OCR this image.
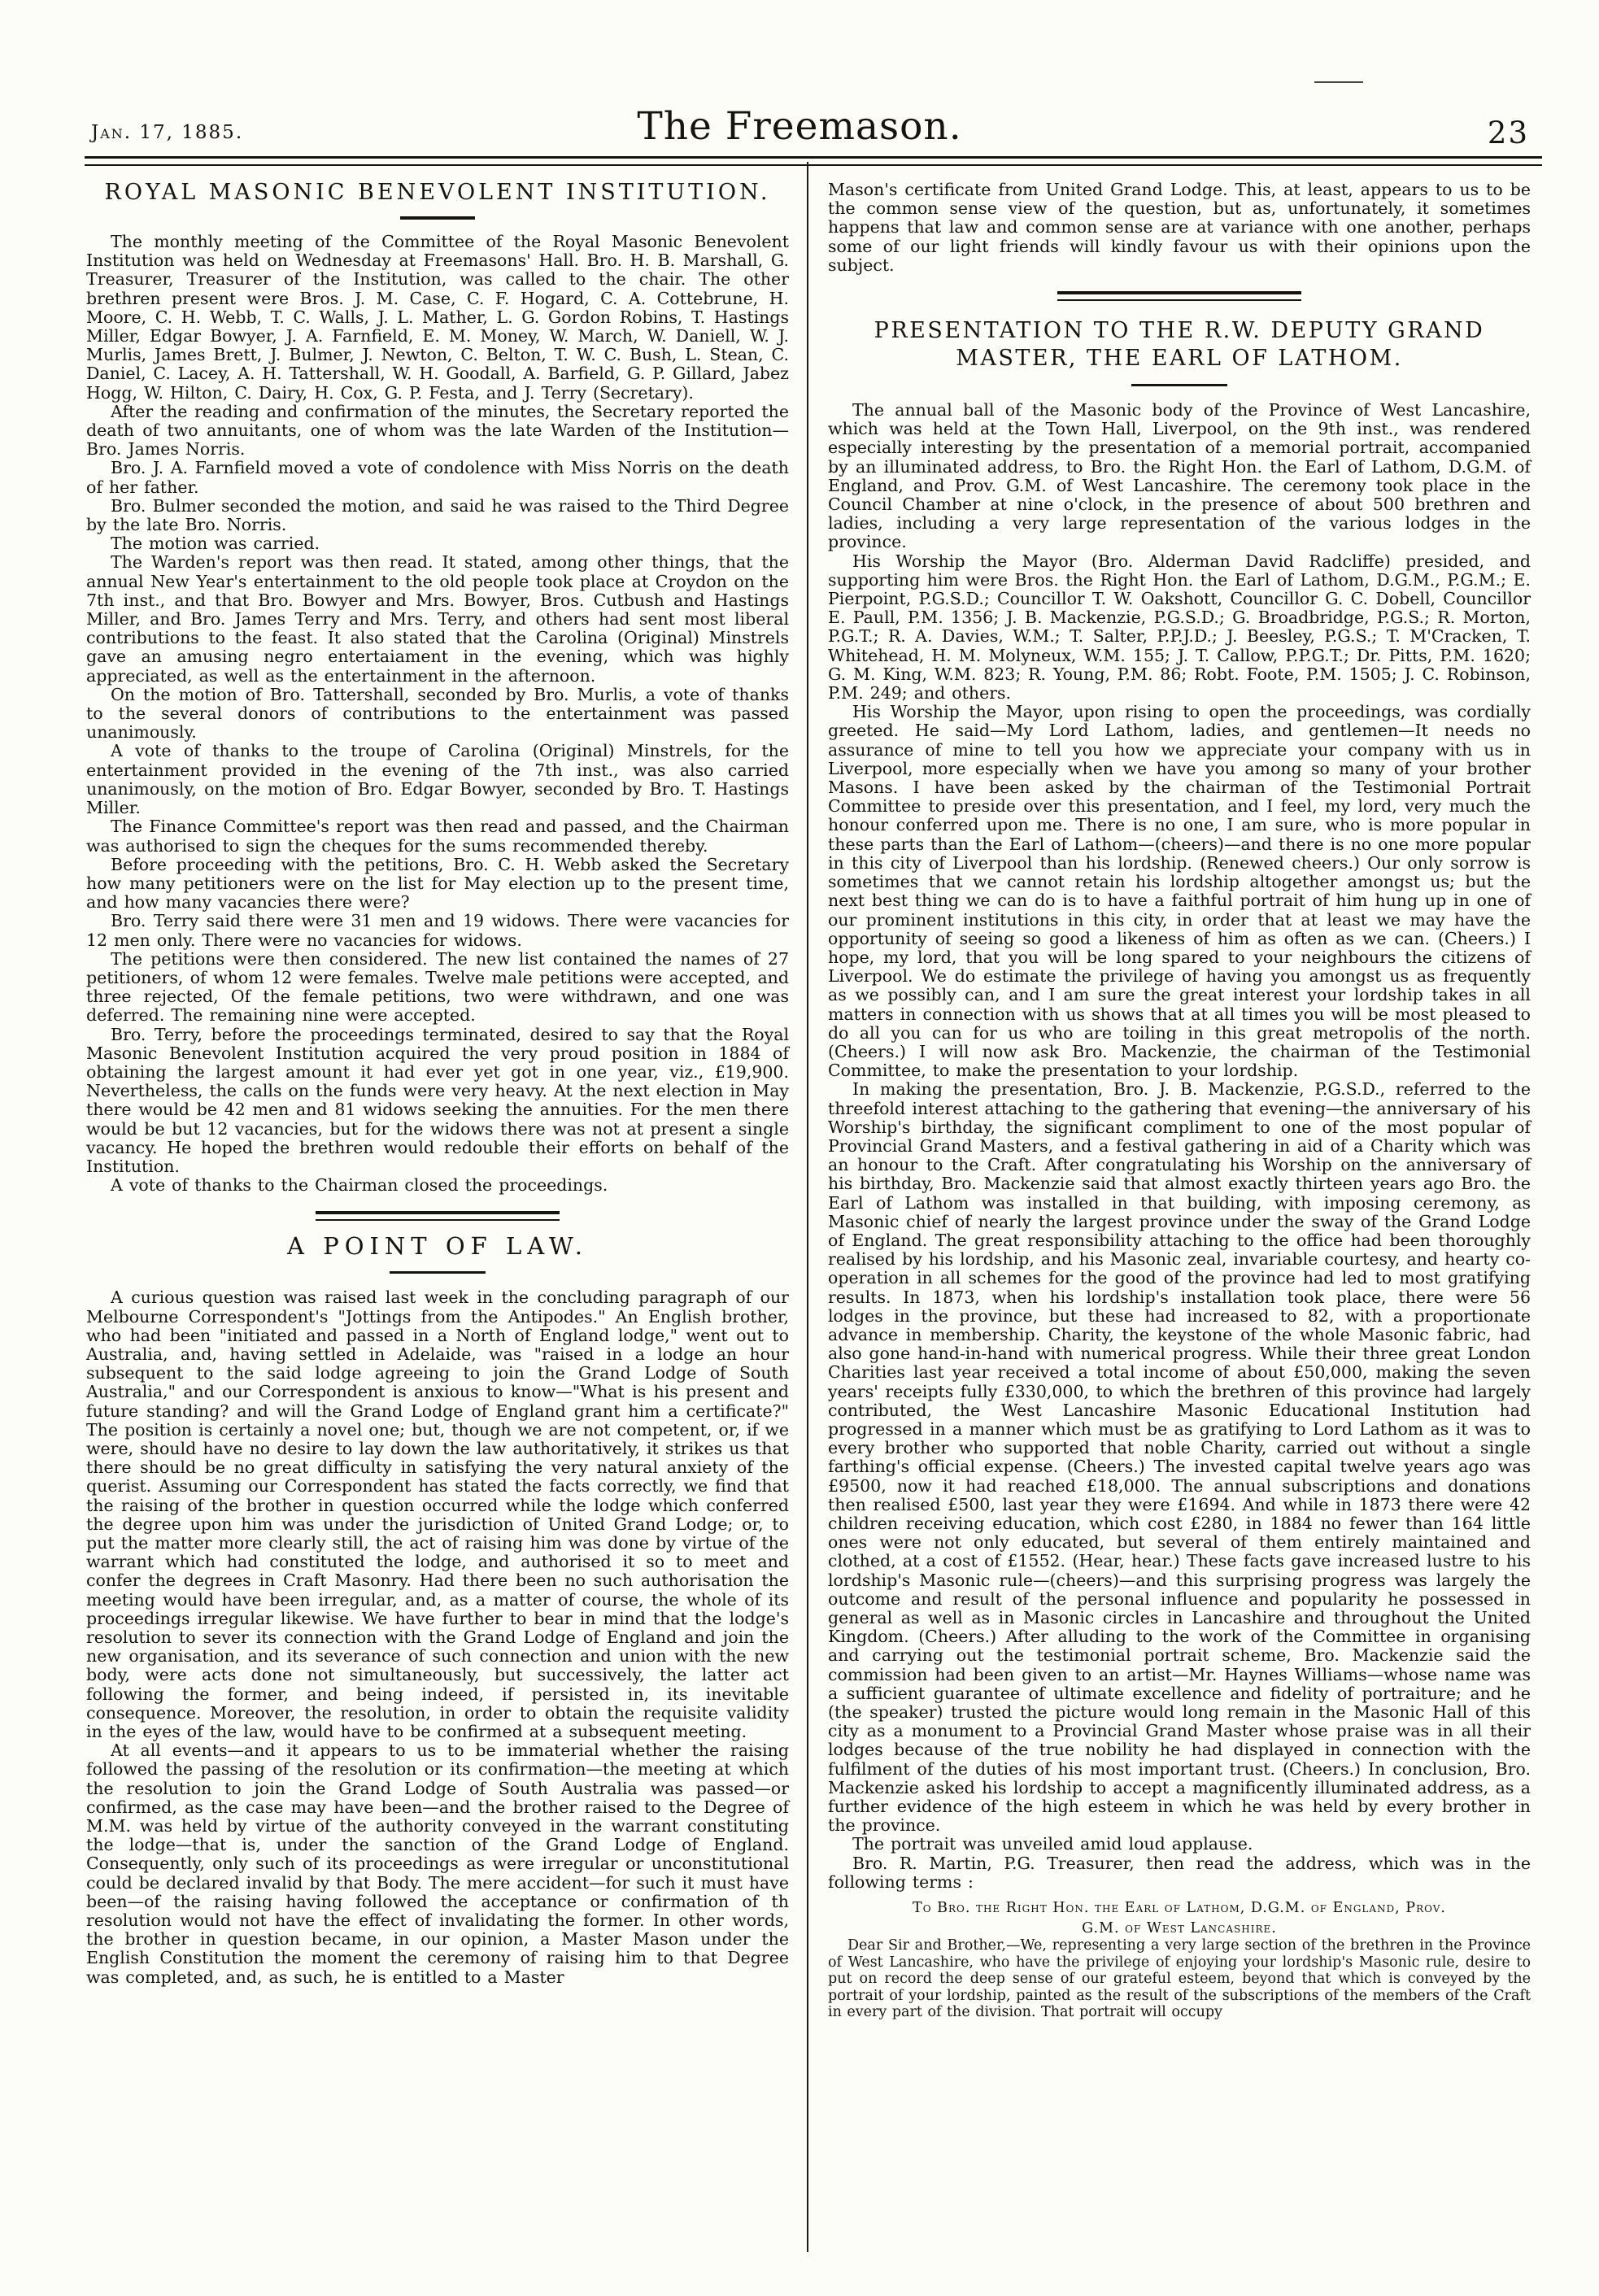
Jan. 17, 1885.	The Freemason.	23
ROYAL MASONIC BENEVOLENT INSTITUTION.

The monthly meeting of the Committee of the Royal Masonic Benevolent Institution was held on Wednesday at Freemasons' Hall. Bro. H. B. Marshall, G. Treasurer, Treasurer of the Institution, was called to the chair. The other brethren present were Bros. J. M. Case, C. F. Hogard, C. A. Cottebrune, H. Moore, C. H. Webb, T. C. Walls, J. L. Mather, L. G. Gordon Robins, T. Hastings Miller, Edgar Bowyer, J. A. Farnfield, E. M. Money, W. March, W. Daniell, W. J. Murlis, James Brett, J. Bulmer, J. Newton, C. Belton, T. W. C. Bush, L. Stean, C. Daniel, C. Lacey, A. H. Tattershall, W. H. Goodall, A. Barfield, G. P. Gillard, Jabez Hogg, W. Hilton, C. Dairy, H. Cox, G. P. Festa, and J. Terry (Secretary).

After the reading and confirmation of the minutes, the Secretary reported the death of two annuitants, one of whom was the late Warden of the Institution—Bro. James Norris.

Bro. J. A. Farnfield moved a vote of condolence with Miss Norris on the death of her father.

Bro. Bulmer seconded the motion, and said he was raised to the Third Degree by the late Bro. Norris.

The motion was carried.

The Warden's report was then read. It stated, among other things, that the annual New Year's entertainment to the old people took place at Croydon on the 7th inst., and that Bro. Bowyer and Mrs. Bowyer, Bros. Cutbush and Hastings Miller, and Bro. James Terry and Mrs. Terry, and others had sent most liberal contributions to the feast. It also stated that the Carolina (Original) Minstrels gave an amusing negro entertaiament in the evening, which was highly appreciated, as well as the entertainment in the afternoon.

On the motion of Bro. Tattershall, seconded by Bro. Murlis, a vote of thanks to the several donors of contributions to the entertainment was passed unanimously.

A vote of thanks to the troupe of Carolina (Original) Minstrels, for the entertainment provided in the evening of the 7th inst., was also carried unanimously, on the motion of Bro. Edgar Bowyer, seconded by Bro. T. Hastings Miller.

The Finance Committee's report was then read and passed, and the Chairman was authorised to sign the cheques for the sums recommended thereby.

Before proceeding with the petitions, Bro. C. H. Webb asked the Secretary how many petitioners were on the list for May election up to the present time, and how many vacancies there were?

Bro. Terry said there were 31 men and 19 widows. There were vacancies for 12 men only. There were no vacancies for widows.

The petitions were then considered. The new list contained the names of 27 petitioners, of whom 12 were females. Twelve male petitions were accepted, and three rejected, Of the female petitions, two were withdrawn, and one was deferred. The remaining nine were accepted.

Bro. Terry, before the proceedings terminated, desired to say that the Royal Masonic Benevolent Institution acquired the very proud position in 1884 of obtaining the largest amount it had ever yet got in one year, viz., £19,900. Nevertheless, the calls on the funds were very heavy. At the next election in May there would be 42 men and 81 widows seeking the annuities. For the men there would be but 12 vacancies, but for the widows there was not at present a single vacancy. He hoped the brethren would redouble their efforts on behalf of the Institution.

A vote of thanks to the Chairman closed the proceedings.

A POINT OF LAW.

A curious question was raised last week in the concluding paragraph of our Melbourne Correspondent's "Jottings from the Antipodes." An English brother, who had been "initiated and passed in a North of England lodge," went out to Australia, and, having settled in Adelaide, was "raised in a lodge an hour subsequent to the said lodge agreeing to join the Grand Lodge of South Australia," and our Correspondent is anxious to know—"What is his present and future standing? and will the Grand Lodge of England grant him a certificate?" The position is certainly a novel one; but, though we are not competent, or, if we were, should have no desire to lay down the law authoritatively, it strikes us that there should be no great difficulty in satisfying the very natural anxiety of the querist. Assuming our Correspondent has stated the facts correctly, we find that the raising of the brother in question occurred while the lodge which conferred the degree upon him was under the jurisdiction of United Grand Lodge; or, to put the matter more clearly still, the act of raising him was done by virtue of the warrant which had constituted the lodge, and authorised it so to meet and confer the degrees in Craft Masonry. Had there been no such authorisation the meeting would have been irregular, and, as a matter of course, the whole of its proceedings irregular likewise. We have further to bear in mind that the lodge's resolution to sever its connection with the Grand Lodge of England and join the new organisation, and its severance of such connection and union with the new body, were acts done not simultaneously, but successively, the latter act following the former, and being indeed, if persisted in, its inevitable consequence. Moreover, the resolution, in order to obtain the requisite validity in the eyes of the law, would have to be confirmed at a subsequent meeting.

At all events—and it appears to us to be immaterial whether the raising followed the passing of the resolution or its confirmation—the meeting at which the resolution to join the Grand Lodge of South Australia was passed—or confirmed, as the case may have been—and the brother raised to the Degree of M.M. was held by virtue of the authority conveyed in the warrant constituting the lodge—that is, under the sanction of the Grand Lodge of England. Consequently, only such of its proceedings as were irregular or unconstitutional could be declared invalid by that Body. The mere accident—for such it must have been—of the raising having followed the acceptance or confirmation of th resolution would not have the effect of invalidating the former. In other words, the brother in question became, in our opinion, a Master Mason under the English Constitution the moment the ceremony of raising him to that Degree was completed, and, as such, he is entitled to a Master

Mason's certificate from United Grand Lodge. This, at least, appears to us to be the common sense view of the question, but as, unfortunately, it sometimes happens that law and common sense are at variance with one another, perhaps some of our light friends will kindly favour us with their opinions upon the subject.

PRESENTATION TO THE R.W. DEPUTY GRAND
MASTER, THE EARL OF LATHOM.

The annual ball of the Masonic body of the Province of West Lancashire, which was held at the Town Hall, Liverpool, on the 9th inst., was rendered especially interesting by the presentation of a memorial portrait, accompanied by an illuminated address, to Bro. the Right Hon. the Earl of Lathom, D.G.M. of England, and Prov. G.M. of West Lancashire. The ceremony took place in the Council Chamber at nine o'clock, in the presence of about 500 brethren and ladies, including a very large representation of the various lodges in the province.

His Worship the Mayor (Bro. Alderman David Radcliffe) presided, and supporting him were Bros. the Right Hon. the Earl of Lathom, D.G.M., P.G.M.; E. Pierpoint, P.G.S.D.; Councillor T. W. Oakshott, Councillor G. C. Dobell, Councillor E. Paull, P.M. 1356; J. B. Mackenzie, P.G.S.D.; G. Broadbridge, P.G.S.; R. Morton, P.G.T.; R. A. Davies, W.M.; T. Salter, P.P.J.D.; J. Beesley, P.G.S.; T. M'Cracken, T. Whitehead, H. M. Molyneux, W.M. 155; J. T. Callow, P.P.G.T.; Dr. Pitts, P.M. 1620; G. M. King, W.M. 823; R. Young, P.M. 86; Robt. Foote, P.M. 1505; J. C. Robinson, P.M. 249; and others.

His Worship the Mayor, upon rising to open the proceedings, was cordially greeted. He said—My Lord Lathom, ladies, and gentlemen—It needs no assurance of mine to tell you how we appreciate your company with us in Liverpool, more especially when we have you among so many of your brother Masons. I have been asked by the chairman of the Testimonial Portrait Committee to preside over this presentation, and I feel, my lord, very much the honour conferred upon me. There is no one, I am sure, who is more popular in these parts than the Earl of Lathom—(cheers)—and there is no one more popular in this city of Liverpool than his lordship. (Renewed cheers.) Our only sorrow is sometimes that we cannot retain his lordship altogether amongst us; but the next best thing we can do is to have a faithful portrait of him hung up in one of our prominent institutions in this city, in order that at least we may have the opportunity of seeing so good a likeness of him as often as we can. (Cheers.) I hope, my lord, that you will be long spared to your neighbours the citizens of Liverpool. We do estimate the privilege of having you amongst us as frequently as we possibly can, and I am sure the great interest your lordship takes in all matters in connection with us shows that at all times you will be most pleased to do all you can for us who are toiling in this great metropolis of the north. (Cheers.) I will now ask Bro. Mackenzie, the chairman of the Testimonial Committee, to make the presentation to your lordship.

In making the presentation, Bro. J. B. Mackenzie, P.G.S.D., referred to the threefold interest attaching to the gathering that evening—the anniversary of his Worship's birthday, the significant compliment to one of the most popular of Provincial Grand Masters, and a festival gathering in aid of a Charity which was an honour to the Craft. After congratulating his Worship on the anniversary of his birthday, Bro. Mackenzie said that almost exactly thirteen years ago Bro. the Earl of Lathom was installed in that building, with imposing ceremony, as Masonic chief of nearly the largest province under the sway of the Grand Lodge of England. The great responsibility attaching to the office had been thoroughly realised by his lordship, and his Masonic zeal, invariable courtesy, and hearty co-operation in all schemes for the good of the province had led to most gratifying results. In 1873, when his lordship's installation took place, there were 56 lodges in the province, but these had increased to 82, with a proportionate advance in membership. Charity, the keystone of the whole Masonic fabric, had also gone hand-in-hand with numerical progress. While their three great London Charities last year received a total income of about £50,000, making the seven years' receipts fully £330,000, to which the brethren of this province had largely contributed, the West Lancashire Masonic Educational Institution had progressed in a manner which must be as gratifying to Lord Lathom as it was to every brother who supported that noble Charity, carried out without a single farthing's official expense. (Cheers.) The invested capital twelve years ago was £9500, now it had reached £18,000. The annual subscriptions and donations then realised £500, last year they were £1694. And while in 1873 there were 42 children receiving education, which cost £280, in 1884 no fewer than 164 little ones were not only educated, but several of them entirely maintained and clothed, at a cost of £1552. (Hear, hear.) These facts gave increased lustre to his lordship's Masonic rule—(cheers)—and this surprising progress was largely the outcome and result of the personal influence and popularity he possessed in general as well as in Masonic circles in Lancashire and throughout the United Kingdom. (Cheers.) After alluding to the work of the Committee in organising and carrying out the testimonial portrait scheme, Bro. Mackenzie said the commission had been given to an artist—Mr. Haynes Williams—whose name was a sufficient guarantee of ultimate excellence and fidelity of portraiture; and he (the speaker) trusted the picture would long remain in the Masonic Hall of this city as a monument to a Provincial Grand Master whose praise was in all their lodges because of the true nobility he had displayed in connection with the fulfilment of the duties of his most important trust. (Cheers.) In conclusion, Bro. Mackenzie asked his lordship to accept a magnificently illuminated address, as a further evidence of the high esteem in which he was held by every brother in the province.

The portrait was unveiled amid loud applause.

Bro. R. Martin, P.G. Treasurer, then read the address, which was in the following terms :

To Bro. the Right Hon. the Earl of Lathom, D.G.M. of England, Prov.

G.M. of West Lancashire.

Dear Sir and Brother,—We, representing a very large section of the brethren in the Province of West Lancashire, who have the privilege of enjoying your lordship's Masonic rule, desire to put on record the deep sense of our grateful esteem, beyond that which is conveyed by the portrait of your lordship, painted as the result of the subscriptions of the members of the Craft in every part of the division. That portrait will occupy
